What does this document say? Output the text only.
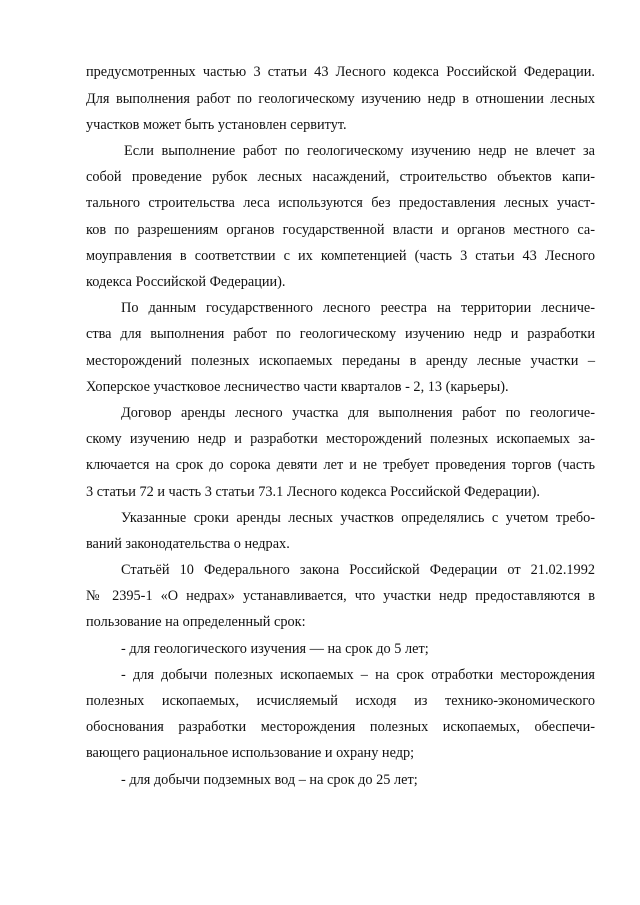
предусмотренных частью 3 статьи 43 Лесного кодекса Российской Федерации.
Для выполнения работ по геологическому изучению недр в отношении лесных
участков может быть установлен сервитут.
Если выполнение работ по геологическому изучению недр не влечет за
собой проведение рубок лесных насаждений, строительство объектов капи-
тального строительства леса используются без предоставления лесных участ-
ков по разрешениям органов государственной власти и органов местного са-
моуправления в соответствии с их компетенцией (часть 3 статьи 43 Лесного
кодекса Российской Федерации).
По данным государственного лесного реестра на территории лесниче-
ства для выполнения работ по геологическому изучению недр и разработки
месторождений полезных ископаемых переданы в аренду лесные участки –
Хоперское участковое лесничество части кварталов - 2, 13 (карьеры).
Договор аренды лесного участка для выполнения работ по геологиче-
скому изучению недр и разработки месторождений полезных ископаемых за-
ключается на срок до сорока девяти лет и не требует проведения торгов (часть
3 статьи 72 и часть 3 статьи 73.1 Лесного кодекса Российской Федерации).
Указанные сроки аренды лесных участков определялись с учетом требо-
ваний законодательства о недрах.
Статьёй 10 Федерального закона Российской Федерации от 21.02.1992
№ 2395-1 «О недрах» устанавливается, что участки недр предоставляются в
пользование на определенный срок:
- для геологического изучения — на срок до 5 лет;
- для добычи полезных ископаемых – на срок отработки месторождения
полезных ископаемых, исчисляемый исходя из технико-экономического
обоснования разработки месторождения полезных ископаемых, обеспечи-
вающего рациональное использование и охрану недр;
- для добычи подземных вод – на срок до 25 лет;
